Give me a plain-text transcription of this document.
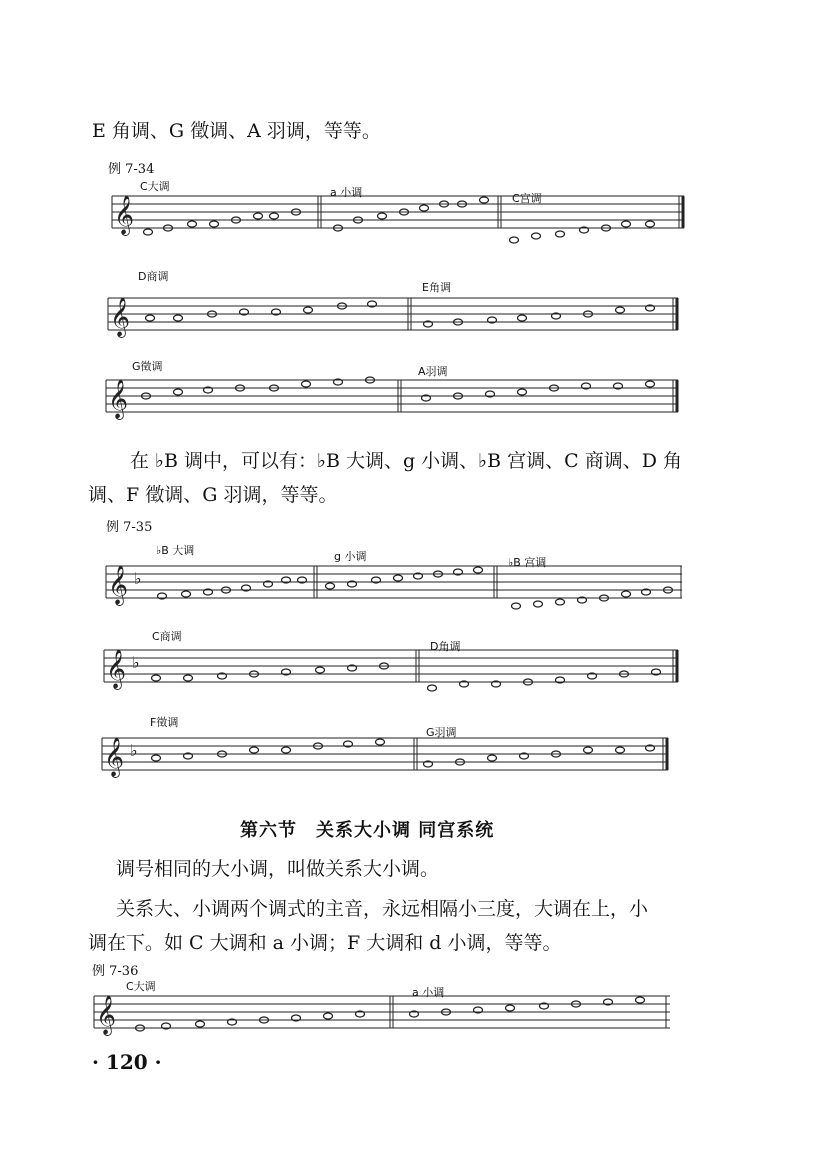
E 角调、G 徵调、A 羽调，等等。
例 7-34
𝄞
C大调	a 小调	C宫调
𝄞
D商调
E角调
𝄞
G徵调	A羽调
在 ♭B 调中，可以有：♭B 大调、g 小调、♭B 宫调、C 商调、D 角
调、F 徵调、G 羽调，等等。
例 7-35
𝄞 ♭
♭B 大调	g 小调	♭B 宫调
𝄞 ♭
C商调
D角调
𝄞 ♭
F徵调
G羽调
第六节　关系大小调 同宫系统
调号相同的大小调，叫做关系大小调。
关系大、小调两个调式的主音，永远相隔小三度，大调在上，小
调在下。如 C 大调和 a 小调；F 大调和 d 小调，等等。
例 7-36
𝄞
C大调	a 小调
· 120 ·
